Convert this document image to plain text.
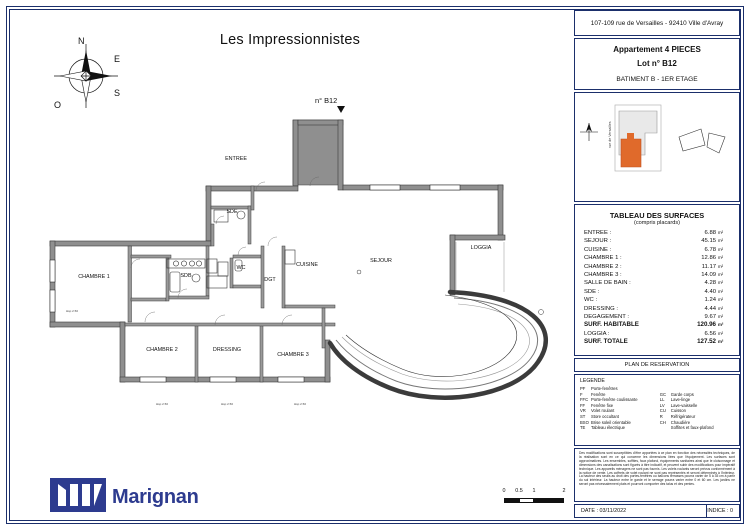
Les Impressionnistes
N
E
S
O	n° B12
ENTREE
SDE
SDB
WC
DGT
CUISINE
SEJOUR
LOGGIA
CHAMBRE 1
CHAMBRE 2	DRESSING
CHAMBRE 3
Hsp 2.50	Hsp 2.50	Hsp 2.50
Hsp 2.50
0 0.5 1	2
Marignan
107-109 rue de Versailles - 92410 Ville d'Avray
Appartement 4 PIECES
Lot n° B12
BATIMENT B - 1ER ETAGE
rue de Versailles
TABLEAU DES SURFACES
(compris placards)
ENTREE :	6.88 m²
SEJOUR :	45.15 m²
CUISINE :	6.78 m²
CHAMBRE 1 :	12.86 m²
CHAMBRE 2 :	11.17 m²
CHAMBRE 3 :	14.09 m²
SALLE DE BAIN :	4.28 m²
SDE :	4.40 m²
WC :	1.24 m²
DRESSING :	4.44 m²
DEGAGEMENT :	9.67 m²
SURF. HABITABLE	120.96 m²
LOGGIA :	6.56 m²
SURF. TOTALE	127.52 m²
PLAN DE RESERVATION
LEGENDE
PF	Porte-fenêtres		
F	Fenêtre	GC	Garde corps
FFC	Porte-fenêtre coulissante	LL	Lave-linge
FF	Fenêtre fixe	LV	Lave-vaisselle
VR	Volet roulant	CU	Cuisson
ST	Store occultant	R	Réfrigérateur
BSO	Brise soleil orientable	CH	Chaudière
TE	Tableau électrique		Soffites et faux-plafond
Des modifications sont susceptibles d'être apportées à ce plan en fonction des nécessités techniques, de la réalisation sont en ce qui concerne les dimensions liées que l'équipement. Les surfaces sont approximatives. Les ensembles, soffites, faux plafond, équipements sanitaires ainsi que le cloisonnage et dimensions des canalisations sont figurés à titre indicatif, et peuvent subir des modifications pour impératif technique. Les appareils ménagers ne sont pas fournis. Les volets roulants seront prévus conformément à la notice de vente. Les coffrets de volet roulant ne sont pas représentés et seront déterminés à l'intérieur. La hauteur des seuils au droit des portes-fenêtres ou balcons terrasses pourra varier de 5 à 35 cm à partir du sol intérieur. La hauteur entre le garde et le serrage pourra varier entre 0 et 60 cm. Les jardins ne seront pas nécessairement plats et pourront comporter des talus et des pentes.
DATE : 03/11/2022	INDICE : 0
